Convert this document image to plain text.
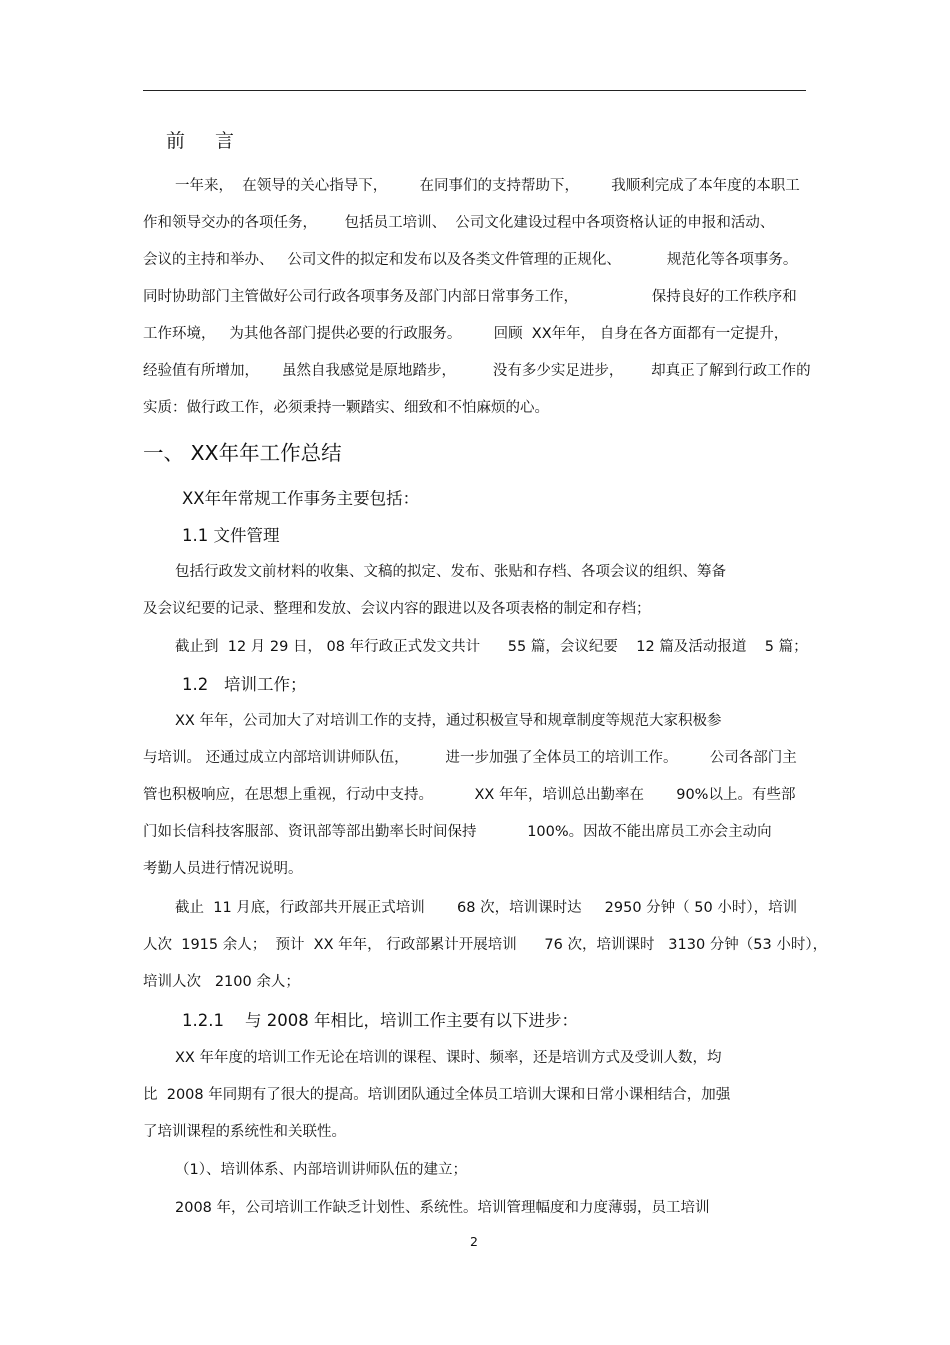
前 言
一年来，  在领导的关心指导下，       在同事们的支持帮助下，       我顺利完成了本年度的本职工
作和领导交办的各项任务，      包括员工培训、  公司文化建设过程中各项资格认证的申报和活动、
会议的主持和举办、   公司文件的拟定和发布以及各类文件管理的正规化、          规范化等各项事务。
同时协助部门主管做好公司行政各项事务及部门内部日常事务工作，                保持良好的工作秩序和
工作环境，   为其他各部门提供必要的行政服务。       回顾  XX年年， 自身在各方面都有一定提升，
经验值有所增加，     虽然自我感觉是原地踏步，        没有多少实足进步，      却真正了解到行政工作的
实质：做行政工作，必须秉持一颗踏实、细致和不怕麻烦的心。
一、 XX年年工作总结
XX年年常规工作事务主要包括：
1.1 文件管理
包括行政发文前材料的收集、文稿的拟定、发布、张贴和存档、各项会议的组织、筹备
及会议纪要的记录、整理和发放、会议内容的跟进以及各项表格的制定和存档；
截止到  12 月 29 日， 08 年行政正式发文共计      55 篇，会议纪要    12 篇及活动报道    5 篇；
1.2   培训工作；
XX 年年，公司加大了对培训工作的支持，通过积极宣导和规章制度等规范大家积极参
与培训。 还通过成立内部培训讲师队伍，        进一步加强了全体员工的培训工作。       公司各部门主
管也积极响应，在思想上重视，行动中支持。         XX 年年，培训总出勤率在       90%以上。有些部
门如长信科技客服部、资讯部等部出勤率长时间保持           100%。因故不能出席员工亦会主动向
考勤人员进行情况说明。
截止  11 月底，行政部共开展正式培训       68 次，培训课时达     2950 分钟（ 50 小时），培训
人次  1915 余人；  预计  XX 年年， 行政部累计开展培训      76 次，培训课时   3130 分钟（53 小时），
培训人次   2100 余人；
1.2.1    与 2008 年相比，培训工作主要有以下进步：
XX 年年度的培训工作无论在培训的课程、课时、频率，还是培训方式及受训人数，均
比  2008 年同期有了很大的提高。培训团队通过全体员工培训大课和日常小课相结合，加强
了培训课程的系统性和关联性。
（1）、培训体系、内部培训讲师队伍的建立；
2008 年，公司培训工作缺乏计划性、系统性。培训管理幅度和力度薄弱，员工培训
2
